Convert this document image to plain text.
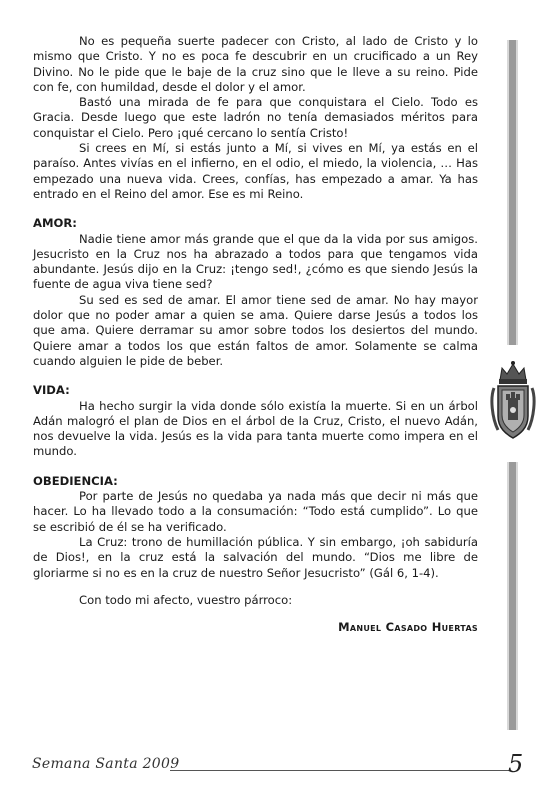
No es pequeña suerte padecer con Cristo, al lado de Cristo y lo mismo que Cristo. Y no es poca fe descubrir en un crucificado a un Rey Divino. No le pide que le baje de la cruz sino que le lleve a su reino. Pide con fe, con humildad, desde el dolor y el amor.

Bastó una mirada de fe para que conquistara el Cielo. Todo es Gracia. Desde luego que este ladrón no tenía demasiados méritos para conquistar el Cielo. Pero ¡qué cercano lo sentía Cristo!

Si crees en Mí, si estás junto a Mí, si vives en Mí, ya estás en el paraíso. Antes vivías en el infierno, en el odio, el miedo, la violencia, … Has empezado una nueva vida. Crees, confías, has empezado a amar. Ya has entrado en el Reino del amor. Ese es mi Reino.

AMOR:

Nadie tiene amor más grande que el que da la vida por sus amigos. Jesucristo en la Cruz nos ha abrazado a todos para que tengamos vida abundante. Jesús dijo en la Cruz: ¡tengo sed!, ¿cómo es que siendo Jesús la fuente de agua viva tiene sed?

Su sed es sed de amar. El amor tiene sed de amar. No hay mayor dolor que no poder amar a quien se ama. Quiere darse Jesús a todos los que ama. Quiere derramar su amor sobre todos los desiertos del mundo. Quiere amar a todos los que están faltos de amor. Solamente se calma cuando alguien le pide de beber.

VIDA:

Ha hecho surgir la vida donde sólo existía la muerte. Si en un árbol Adán malogró el plan de Dios en el árbol de la Cruz, Cristo, el nuevo Adán, nos devuelve la vida. Jesús es la vida para tanta muerte como impera en el mundo.

OBEDIENCIA:

Por parte de Jesús no quedaba ya nada más que decir ni más que hacer. Lo ha llevado todo a la consumación: “Todo está cumplido”. Lo que se escribió de él se ha verificado.

La Cruz: trono de humillación pública. Y sin embargo, ¡oh sabiduría de Dios!, en la cruz está la salvación del mundo. “Dios me libre de gloriarme si no es en la cruz de nuestro Señor Jesucristo” (Gál 6, 1-4).

Con todo mi afecto, vuestro párroco:

Manuel Casado Huertas

Semana Santa 2009	5
